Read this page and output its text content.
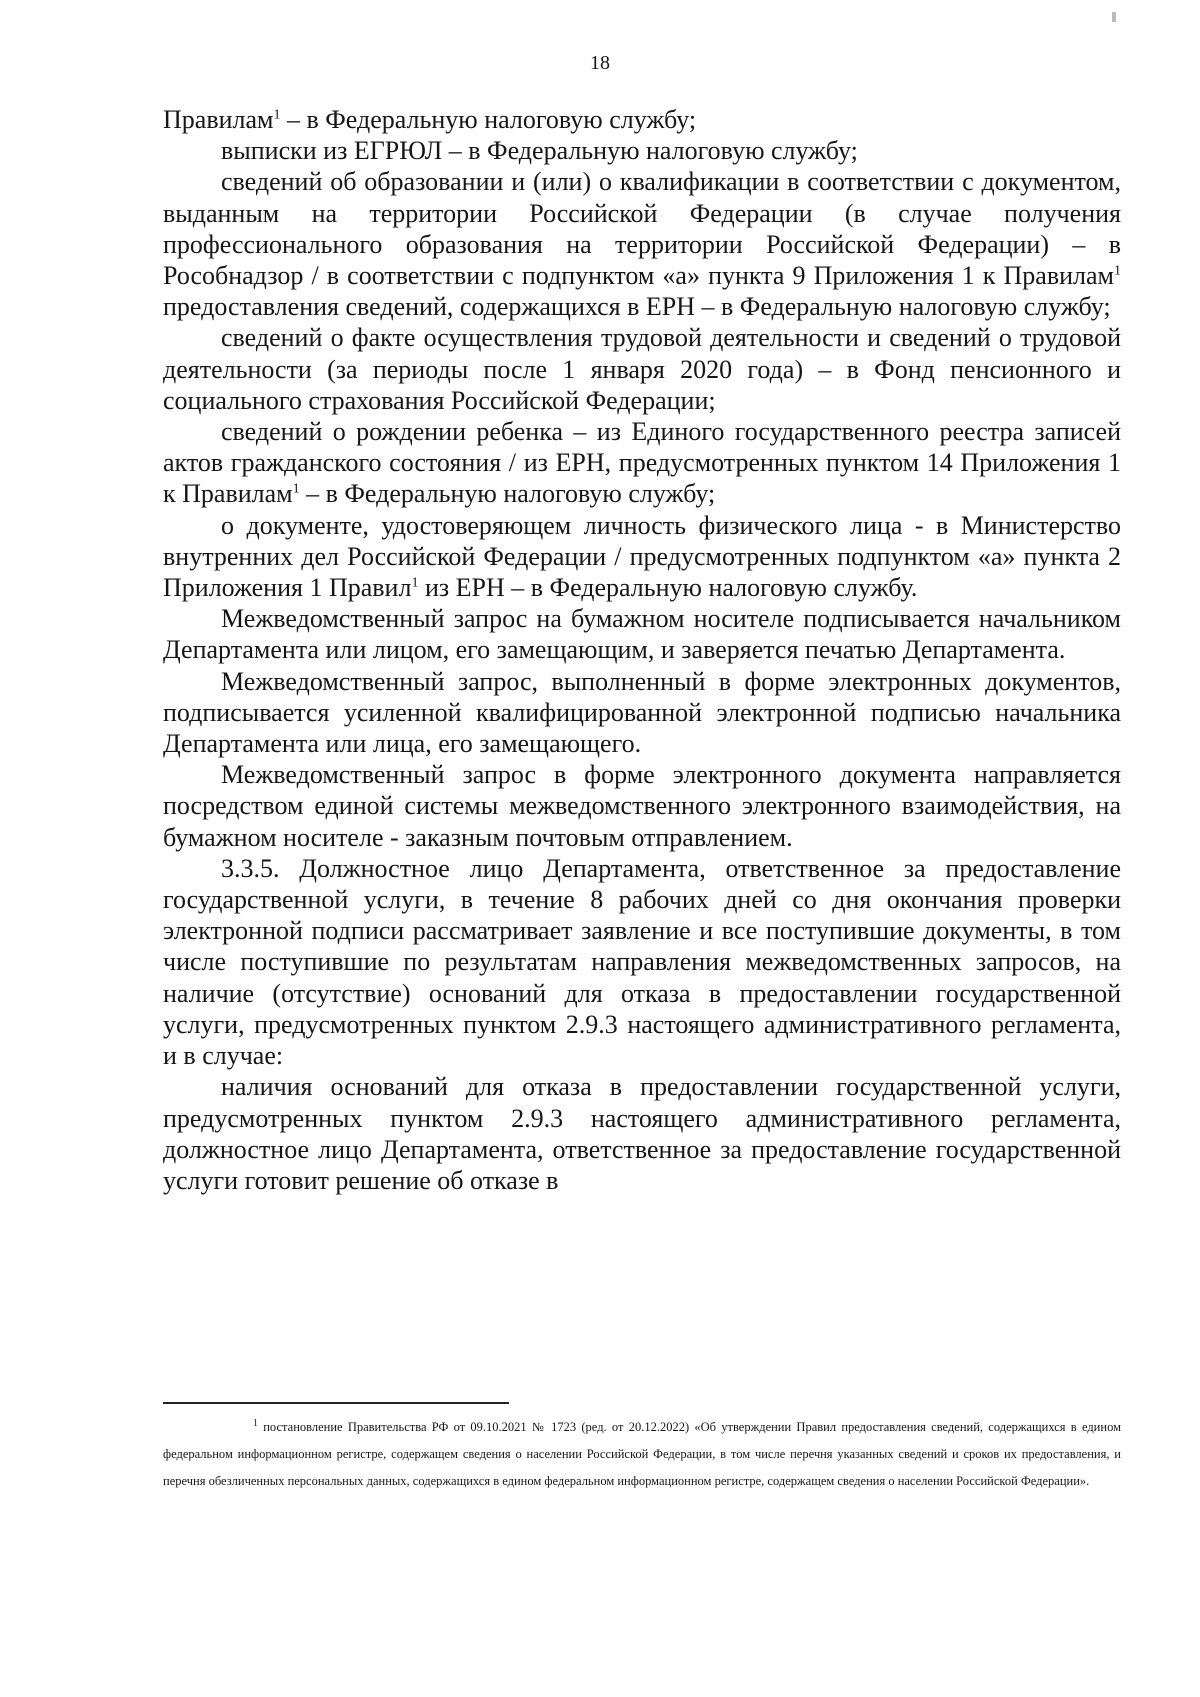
18

Правилам$^1$ – в Федеральную налоговую службу;

выписки из ЕГРЮЛ – в Федеральную налоговую службу;

сведений об образовании и (или) о квалификации в соответствии с документом, выданным на территории Российской Федерации (в случае получения профессионального образования на территории Российской Федерации) – в Рособнадзор / в соответствии с подпунктом «а» пункта 9 Приложения 1 к Правилам$^1$ предоставления сведений, содержащихся в ЕРН – в Федеральную налоговую службу;

сведений о факте осуществления трудовой деятельности и сведений о трудовой деятельности (за периоды после 1 января 2020 года) – в Фонд пенсионного и социального страхования Российской Федерации;

сведений о рождении ребенка – из Единого государственного реестра записей актов гражданского состояния / из ЕРН, предусмотренных пунктом 14 Приложения 1 к Правилам$^1$ – в Федеральную налоговую службу;

о документе, удостоверяющем личность физического лица - в Министерство внутренних дел Российской Федерации / предусмотренных подпунктом «а» пункта 2 Приложения 1 Правил$^1$ из ЕРН – в Федеральную налоговую службу.

Межведомственный запрос на бумажном носителе подписывается начальником Департамента или лицом, его замещающим, и заверяется печатью Департамента.

Межведомственный запрос, выполненный в форме электронных документов, подписывается усиленной квалифицированной электронной подписью начальника Департамента или лица, его замещающего.

Межведомственный запрос в форме электронного документа направляется посредством единой системы межведомственного электронного взаимодействия, на бумажном носителе - заказным почтовым отправлением.

3.3.5. Должностное лицо Департамента, ответственное за предоставление государственной услуги, в течение 8 рабочих дней со дня окончания проверки электронной подписи рассматривает заявление и все поступившие документы, в том числе поступившие по результатам направления межведомственных запросов, на наличие (отсутствие) оснований для отказа в предоставлении государственной услуги, предусмотренных пунктом 2.9.3 настоящего административного регламента, и в случае:

наличия оснований для отказа в предоставлении государственной услуги, предусмотренных пунктом 2.9.3 настоящего административного регламента, должностное лицо Департамента, ответственное за предоставление государственной услуги готовит решение об отказе в

$^1$ постановление Правительства РФ от 09.10.2021 № 1723 (ред. от 20.12.2022) «Об утверждении Правил предоставления сведений, содержащихся в едином федеральном информационном регистре, содержащем сведения о населении Российской Федерации, в том числе перечня указанных сведений и сроков их предоставления, и перечня обезличенных персональных данных, содержащихся в едином федеральном информационном регистре, содержащем сведения о населении Российской Федерации».
